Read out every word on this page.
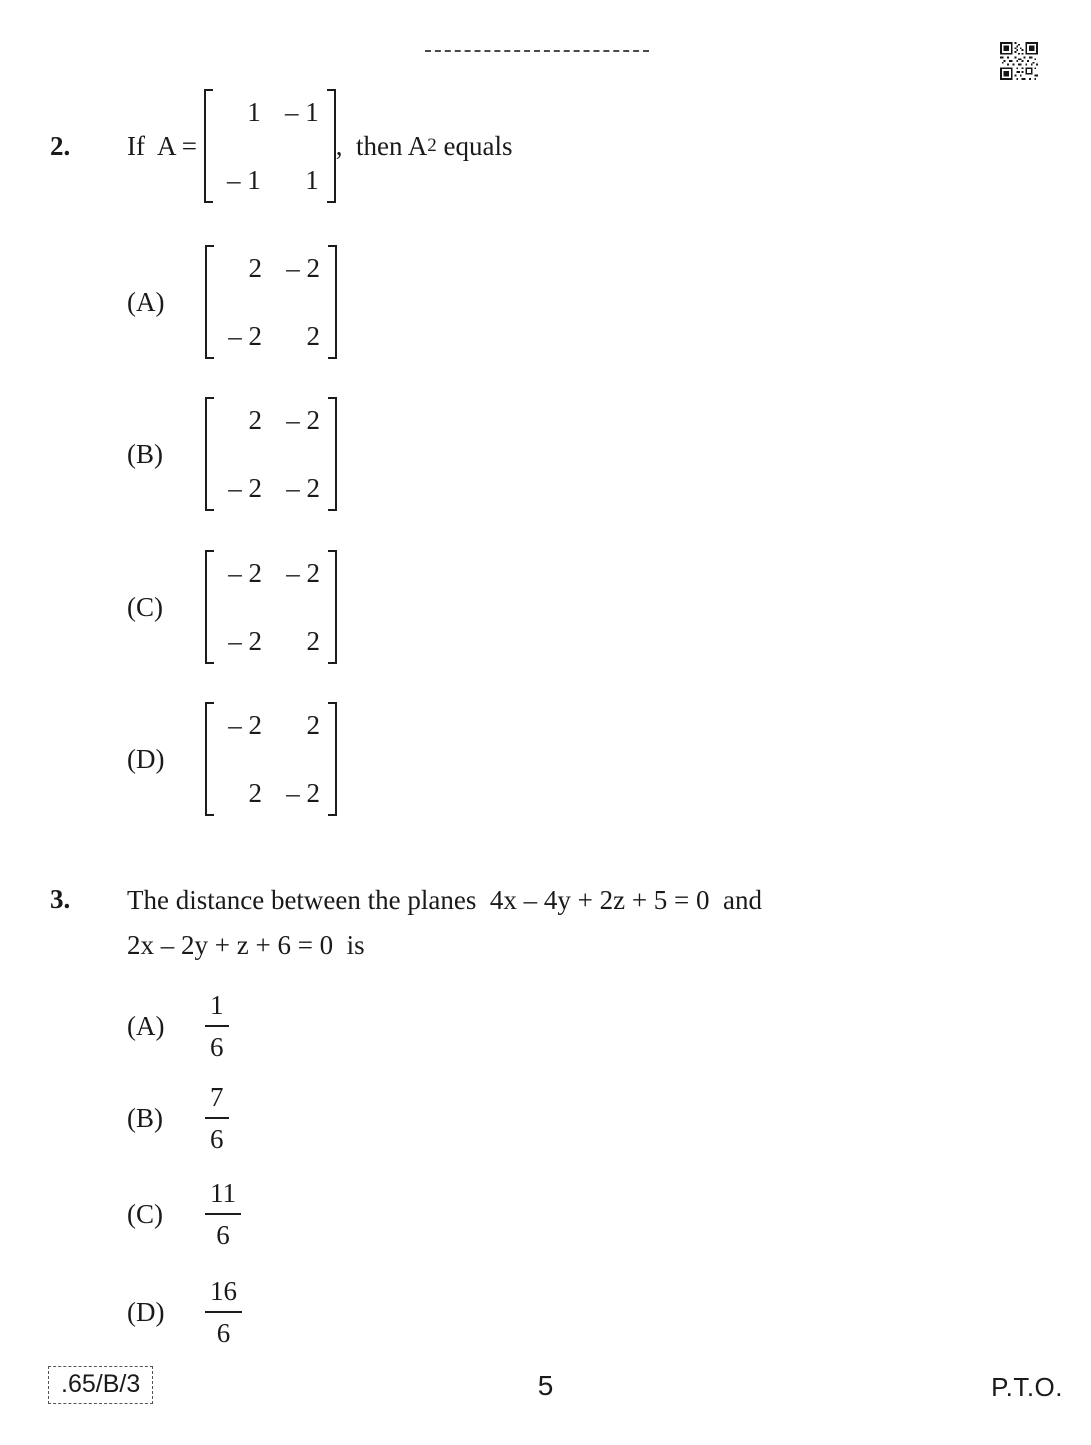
2.	If  A =
1 – 1
– 1	1
,  then A 2 equals
(A)
2 – 2
– 2	2
(B)
2 – 2
– 2 – 2
(C)
– 2 – 2
– 2	2
(D)
– 2	2
2 – 2
3.	The distance between the planes  4x – 4y + 2z + 5 = 0  and
2x – 2y + z + 6 = 0  is
(A)	$\frac{1}{6}$
(B)	$\frac{7}{6}$
(C)	$\frac{11}{6}$
(D)	$\frac{16}{6}$
.65/B/3	5	P.T.O.
